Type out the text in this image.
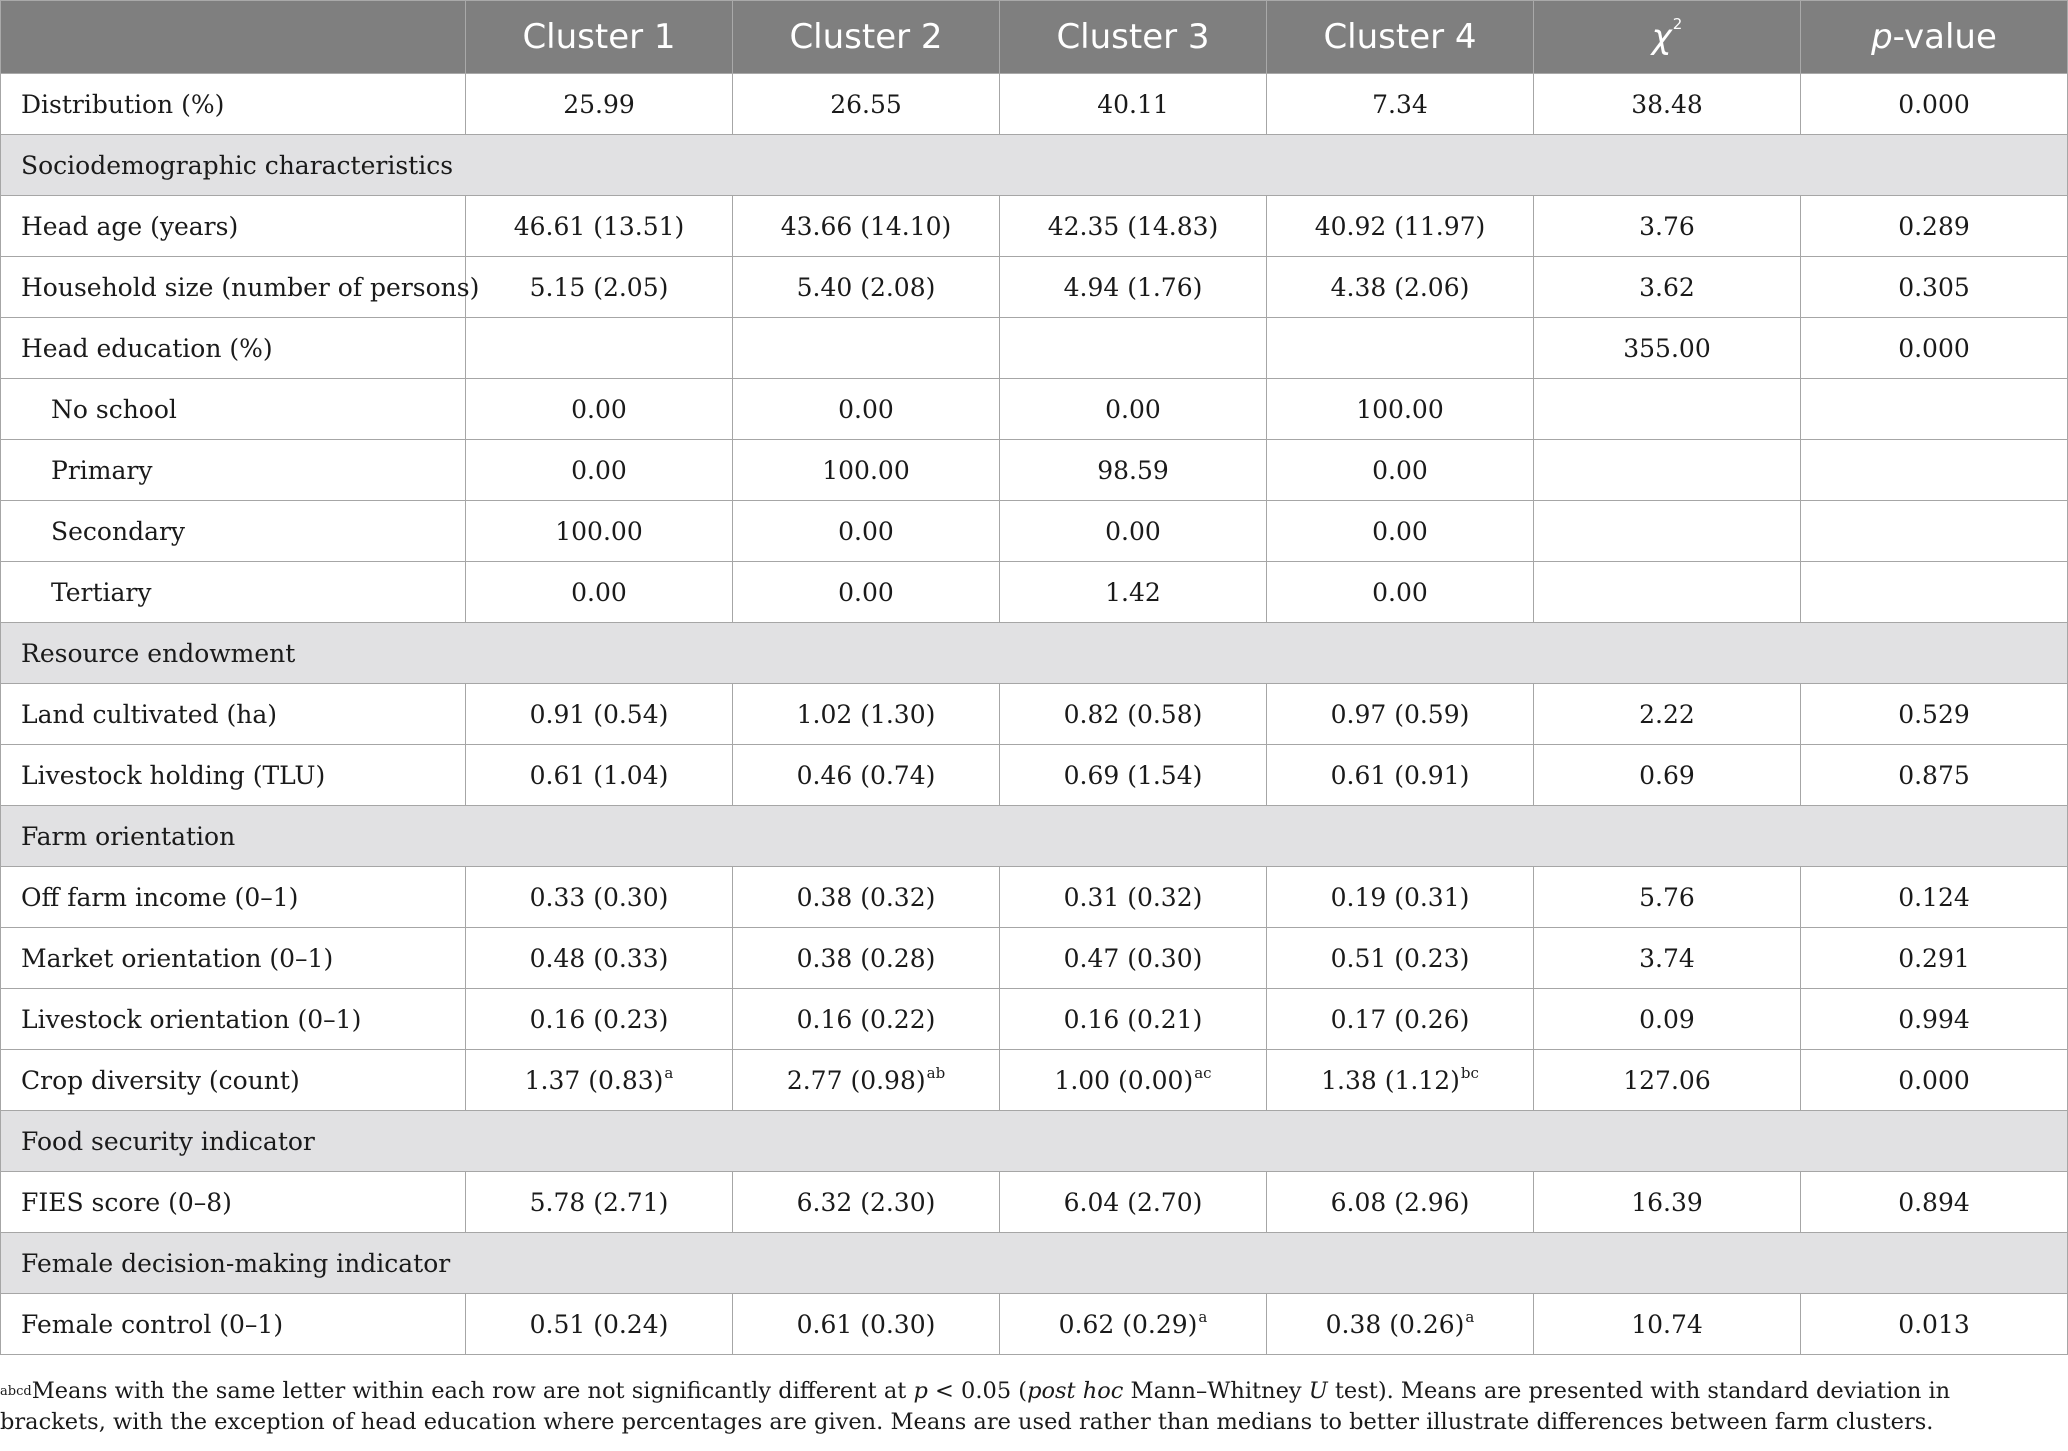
	Cluster 1	Cluster 2	Cluster 3	Cluster 4	$\chi^2$	p-value
Distribution (%)	25.99	26.55	40.11	7.34	38.48	0.000
Sociodemographic characteristics						
Head age (years)	46.61 (13.51)	43.66 (14.10)	42.35 (14.83)	40.92 (11.97)	3.76	0.289
Household size (number of persons)	5.15 (2.05)	5.40 (2.08)	4.94 (1.76)	4.38 (2.06)	3.62	0.305
Head education (%)					355.00	0.000
No school	0.00	0.00	0.00	100.00		
Primary	0.00	100.00	98.59	0.00		
Secondary	100.00	0.00	0.00	0.00		
Tertiary	0.00	0.00	1.42	0.00		
Resource endowment						
Land cultivated (ha)	0.91 (0.54)	1.02 (1.30)	0.82 (0.58)	0.97 (0.59)	2.22	0.529
Livestock holding (TLU)	0.61 (1.04)	0.46 (0.74)	0.69 (1.54)	0.61 (0.91)	0.69	0.875
Farm orientation						
Off farm income (0–1)	0.33 (0.30)	0.38 (0.32)	0.31 (0.32)	0.19 (0.31)	5.76	0.124
Market orientation (0–1)	0.48 (0.33)	0.38 (0.28)	0.47 (0.30)	0.51 (0.23)	3.74	0.291
Livestock orientation (0–1)	0.16 (0.23)	0.16 (0.22)	0.16 (0.21)	0.17 (0.26)	0.09	0.994
Crop diversity (count)	1.37 $(0.83)^a$	2.77 $(0.98)^{ab}$	1.00 $(0.00)^{ac}$	1.38 $(1.12)^{bc}$	127.06	0.000
Food security indicator						
FIES score (0–8)	5.78 (2.71)	6.32 (2.30)	6.04 (2.70)	6.08 (2.96)	16.39	0.894
Female decision-making indicator						
Female control (0–1)	0.51 (0.24)	0.61 (0.30)	0.62 $(0.29)^a$	0.38 $(0.26)^a$	10.74	0.013
$^{abcd}$Means with the same letter within each row are not significantly different at p < 0.05 (post hoc Mann–Whitney U test). Means are presented with standard deviation in brackets, with the exception of head education where percentages are given. Means are used rather than medians to better illustrate differences between farm clusters.
